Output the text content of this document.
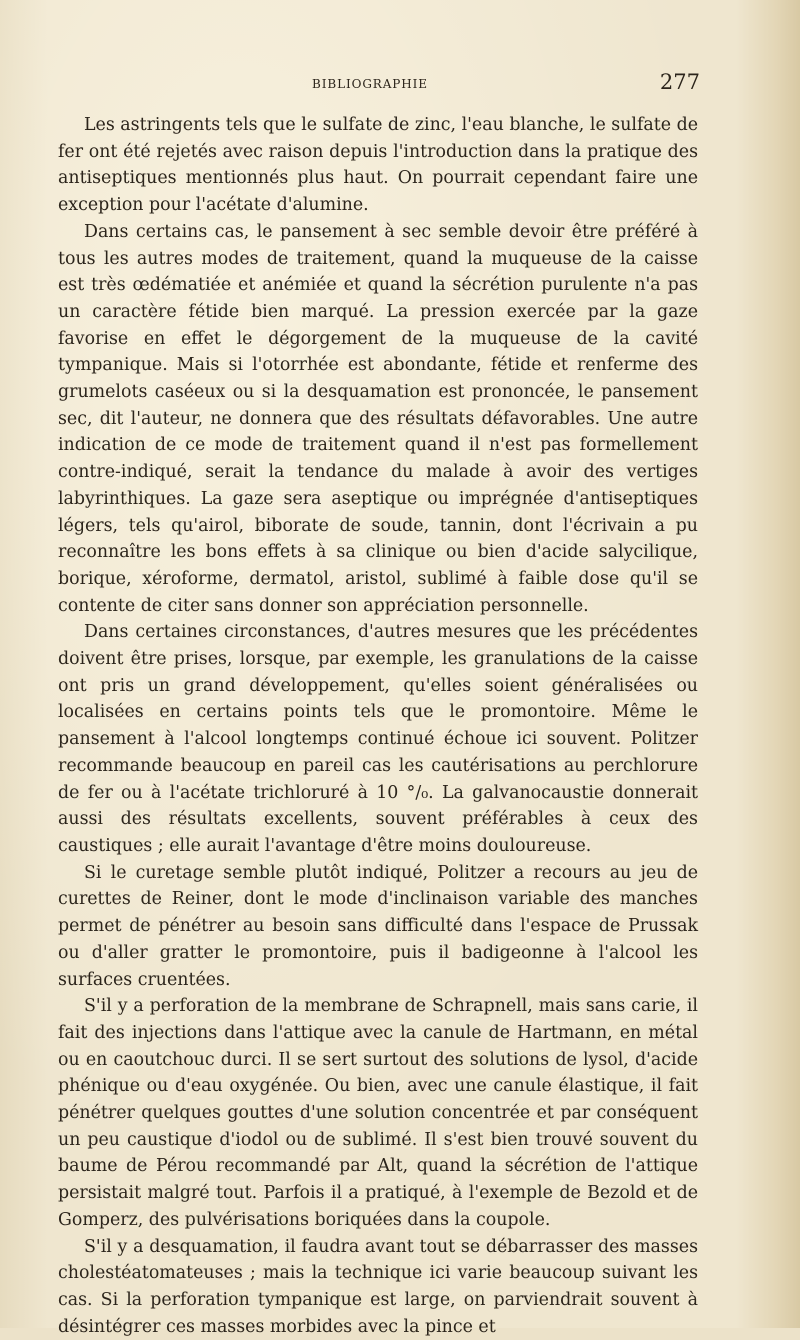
BIBLIOGRAPHIE	277

Les astringents tels que le sulfate de zinc, l'eau blanche, le sulfate de fer ont été rejetés avec raison depuis l'introduction dans la pratique des antiseptiques mentionnés plus haut. On pourrait cependant faire une exception pour l'acétate d'alumine.

Dans certains cas, le pansement à sec semble devoir être préféré à tous les autres modes de traitement, quand la muqueuse de la caisse est très œdématiée et anémiée et quand la sécrétion purulente n'a pas un caractère fétide bien marqué. La pression exercée par la gaze favorise en effet le dégorgement de la muqueuse de la cavité tympanique. Mais si l'otorrhée est abondante, fétide et renferme des grumelots caséeux ou si la desquamation est prononcée, le pansement sec, dit l'auteur, ne donnera que des résultats défavorables. Une autre indication de ce mode de traitement quand il n'est pas formellement contre-indiqué, serait la tendance du malade à avoir des vertiges labyrinthiques. La gaze sera aseptique ou imprégnée d'antiseptiques légers, tels qu'airol, biborate de soude, tannin, dont l'écrivain a pu reconnaître les bons effets à sa clinique ou bien d'acide salycilique, borique, xéroforme, dermatol, aristol, sublimé à faible dose qu'il se contente de citer sans donner son appréciation personnelle.

Dans certaines circonstances, d'autres mesures que les précédentes doivent être prises, lorsque, par exemple, les granulations de la caisse ont pris un grand développement, qu'elles soient généralisées ou localisées en certains points tels que le promontoire. Même le pansement à l'alcool longtemps continué échoue ici souvent. Politzer recommande beaucoup en pareil cas les cautérisations au perchlorure de fer ou à l'acétate trichloruré à 10 °/₀. La galvanocaustie donnerait aussi des résultats excellents, souvent préférables à ceux des caustiques ; elle aurait l'avantage d'être moins douloureuse.

Si le curetage semble plutôt indiqué, Politzer a recours au jeu de curettes de Reiner, dont le mode d'inclinaison variable des manches permet de pénétrer au besoin sans difficulté dans l'espace de Prussak ou d'aller gratter le promontoire, puis il badigeonne à l'alcool les surfaces cruentées.

S'il y a perforation de la membrane de Schrapnell, mais sans carie, il fait des injections dans l'attique avec la canule de Hartmann, en métal ou en caoutchouc durci. Il se sert surtout des solutions de lysol, d'acide phénique ou d'eau oxygénée. Ou bien, avec une canule élastique, il fait pénétrer quelques gouttes d'une solution concentrée et par conséquent un peu caustique d'iodol ou de sublimé. Il s'est bien trouvé souvent du baume de Pérou recommandé par Alt, quand la sécrétion de l'attique persistait malgré tout. Parfois il a pratiqué, à l'exemple de Bezold et de Gomperz, des pulvérisations boriquées dans la coupole.

S'il y a desquamation, il faudra avant tout se débarrasser des masses cholestéatomateuses ; mais la technique ici varie beaucoup suivant les cas. Si la perforation tympanique est large, on parviendrait souvent à désintégrer ces masses morbides avec la pince et
